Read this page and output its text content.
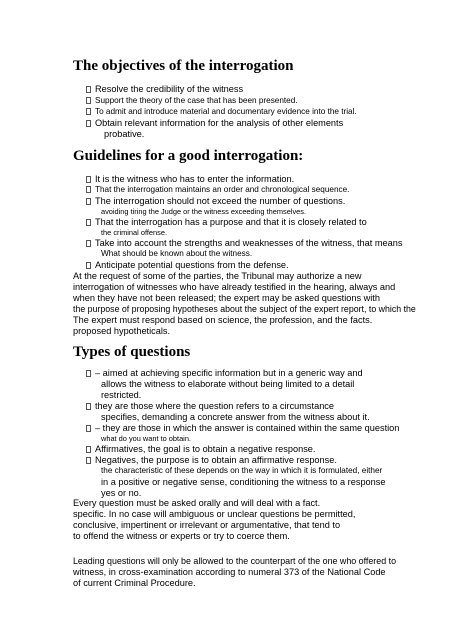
The objectives of the interrogation
Resolve the credibility of the witness
Support the theory of the case that has been presented.
To admit and introduce material and documentary evidence into the trial.
Obtain relevant information for the analysis of other elements
probative.
Guidelines for a good interrogation:
It is the witness who has to enter the information.
That the interrogation maintains an order and chronological sequence.
The interrogation should not exceed the number of questions.
avoiding tiring the Judge or the witness exceeding themselves.
That the interrogation has a purpose and that it is closely related to
the criminal offense.
Take into account the strengths and weaknesses of the witness, that means
What should be known about the witness.
Anticipate potential questions from the defense.
At the request of some of the parties, the Tribunal may authorize a new
interrogation of witnesses who have already testified in the hearing, always and
when they have not been released; the expert may be asked questions with
the purpose of proposing hypotheses about the subject of the expert report, to which the
The expert must respond based on science, the profession, and the facts.
proposed hypotheticals.
Types of questions
– aimed at achieving specific information but in a generic way and
allows the witness to elaborate without being limited to a detail
restricted.
they are those where the question refers to a circumstance
specifies, demanding a concrete answer from the witness about it.
– they are those in which the answer is contained within the same question
what do you want to obtain.
Affirmatives, the goal is to obtain a negative response.
Negatives, the purpose is to obtain an affirmative response.
the characteristic of these depends on the way in which it is formulated, either
in a positive or negative sense, conditioning the witness to a response
yes or no.
Every question must be asked orally and will deal with a fact.
specific. In no case will ambiguous or unclear questions be permitted,
conclusive, impertinent or irrelevant or argumentative, that tend to
to offend the witness or experts or try to coerce them.
Leading questions will only be allowed to the counterpart of the one who offered to
witness, in cross-examination according to numeral 373 of the National Code
of current Criminal Procedure.
